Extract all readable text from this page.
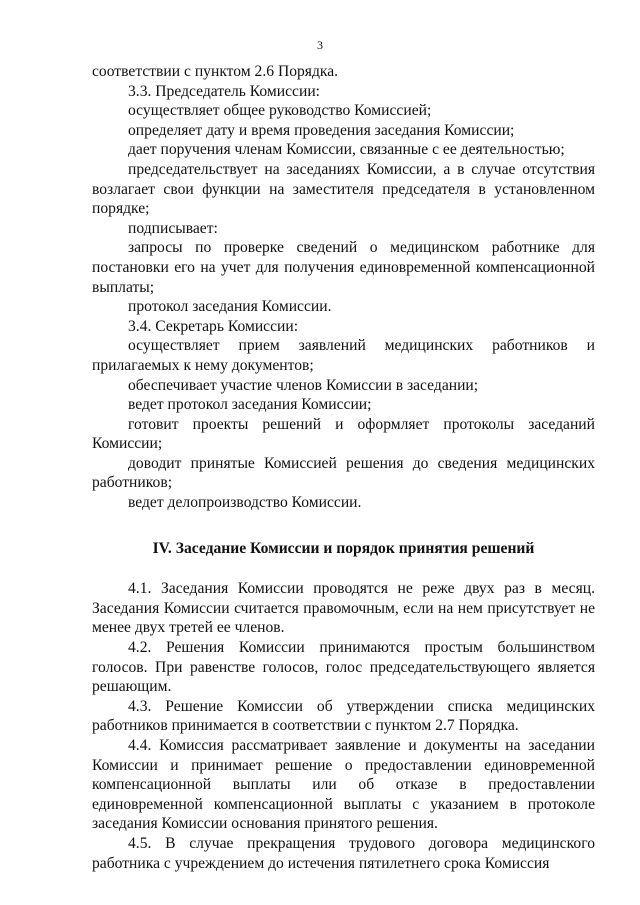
3

соответствии с пунктом 2.6 Порядка.

3.3. Председатель Комиссии:

осуществляет общее руководство Комиссией;

определяет дату и время проведения заседания Комиссии;

дает поручения членам Комиссии, связанные с ее деятельностью;

председательствует на заседаниях Комиссии, а в случае отсутствия возлагает свои функции на заместителя председателя в установленном порядке;

подписывает:

запросы по проверке сведений о медицинском работнике для постановки его на учет для получения единовременной компенсационной выплаты;

протокол заседания Комиссии.

3.4. Секретарь Комиссии:

осуществляет прием заявлений медицинских работников и прилагаемых к нему документов;

обеспечивает участие членов Комиссии в заседании;

ведет протокол заседания Комиссии;

готовит проекты решений и оформляет протоколы заседаний Комиссии;

доводит принятые Комиссией решения до сведения медицинских работников;

ведет делопроизводство Комиссии.

IV. Заседание Комиссии и порядок принятия решений

4.1. Заседания Комиссии проводятся не реже двух раз в месяц. Заседания Комиссии считается правомочным, если на нем присутствует не менее двух третей ее членов.

4.2. Решения Комиссии принимаются простым большинством голосов. При равенстве голосов, голос председательствующего является решающим.

4.3. Решение Комиссии об утверждении списка медицинских работников принимается в соответствии с пунктом 2.7 Порядка.

4.4. Комиссия рассматривает заявление и документы на заседании Комиссии и принимает решение о предоставлении единовременной компенсационной выплаты или об отказе в предоставлении единовременной компенсационной выплаты с указанием в протоколе заседания Комиссии основания принятого решения.

4.5. В случае прекращения трудового договора медицинского работника с учреждением до истечения пятилетнего срока Комиссия
